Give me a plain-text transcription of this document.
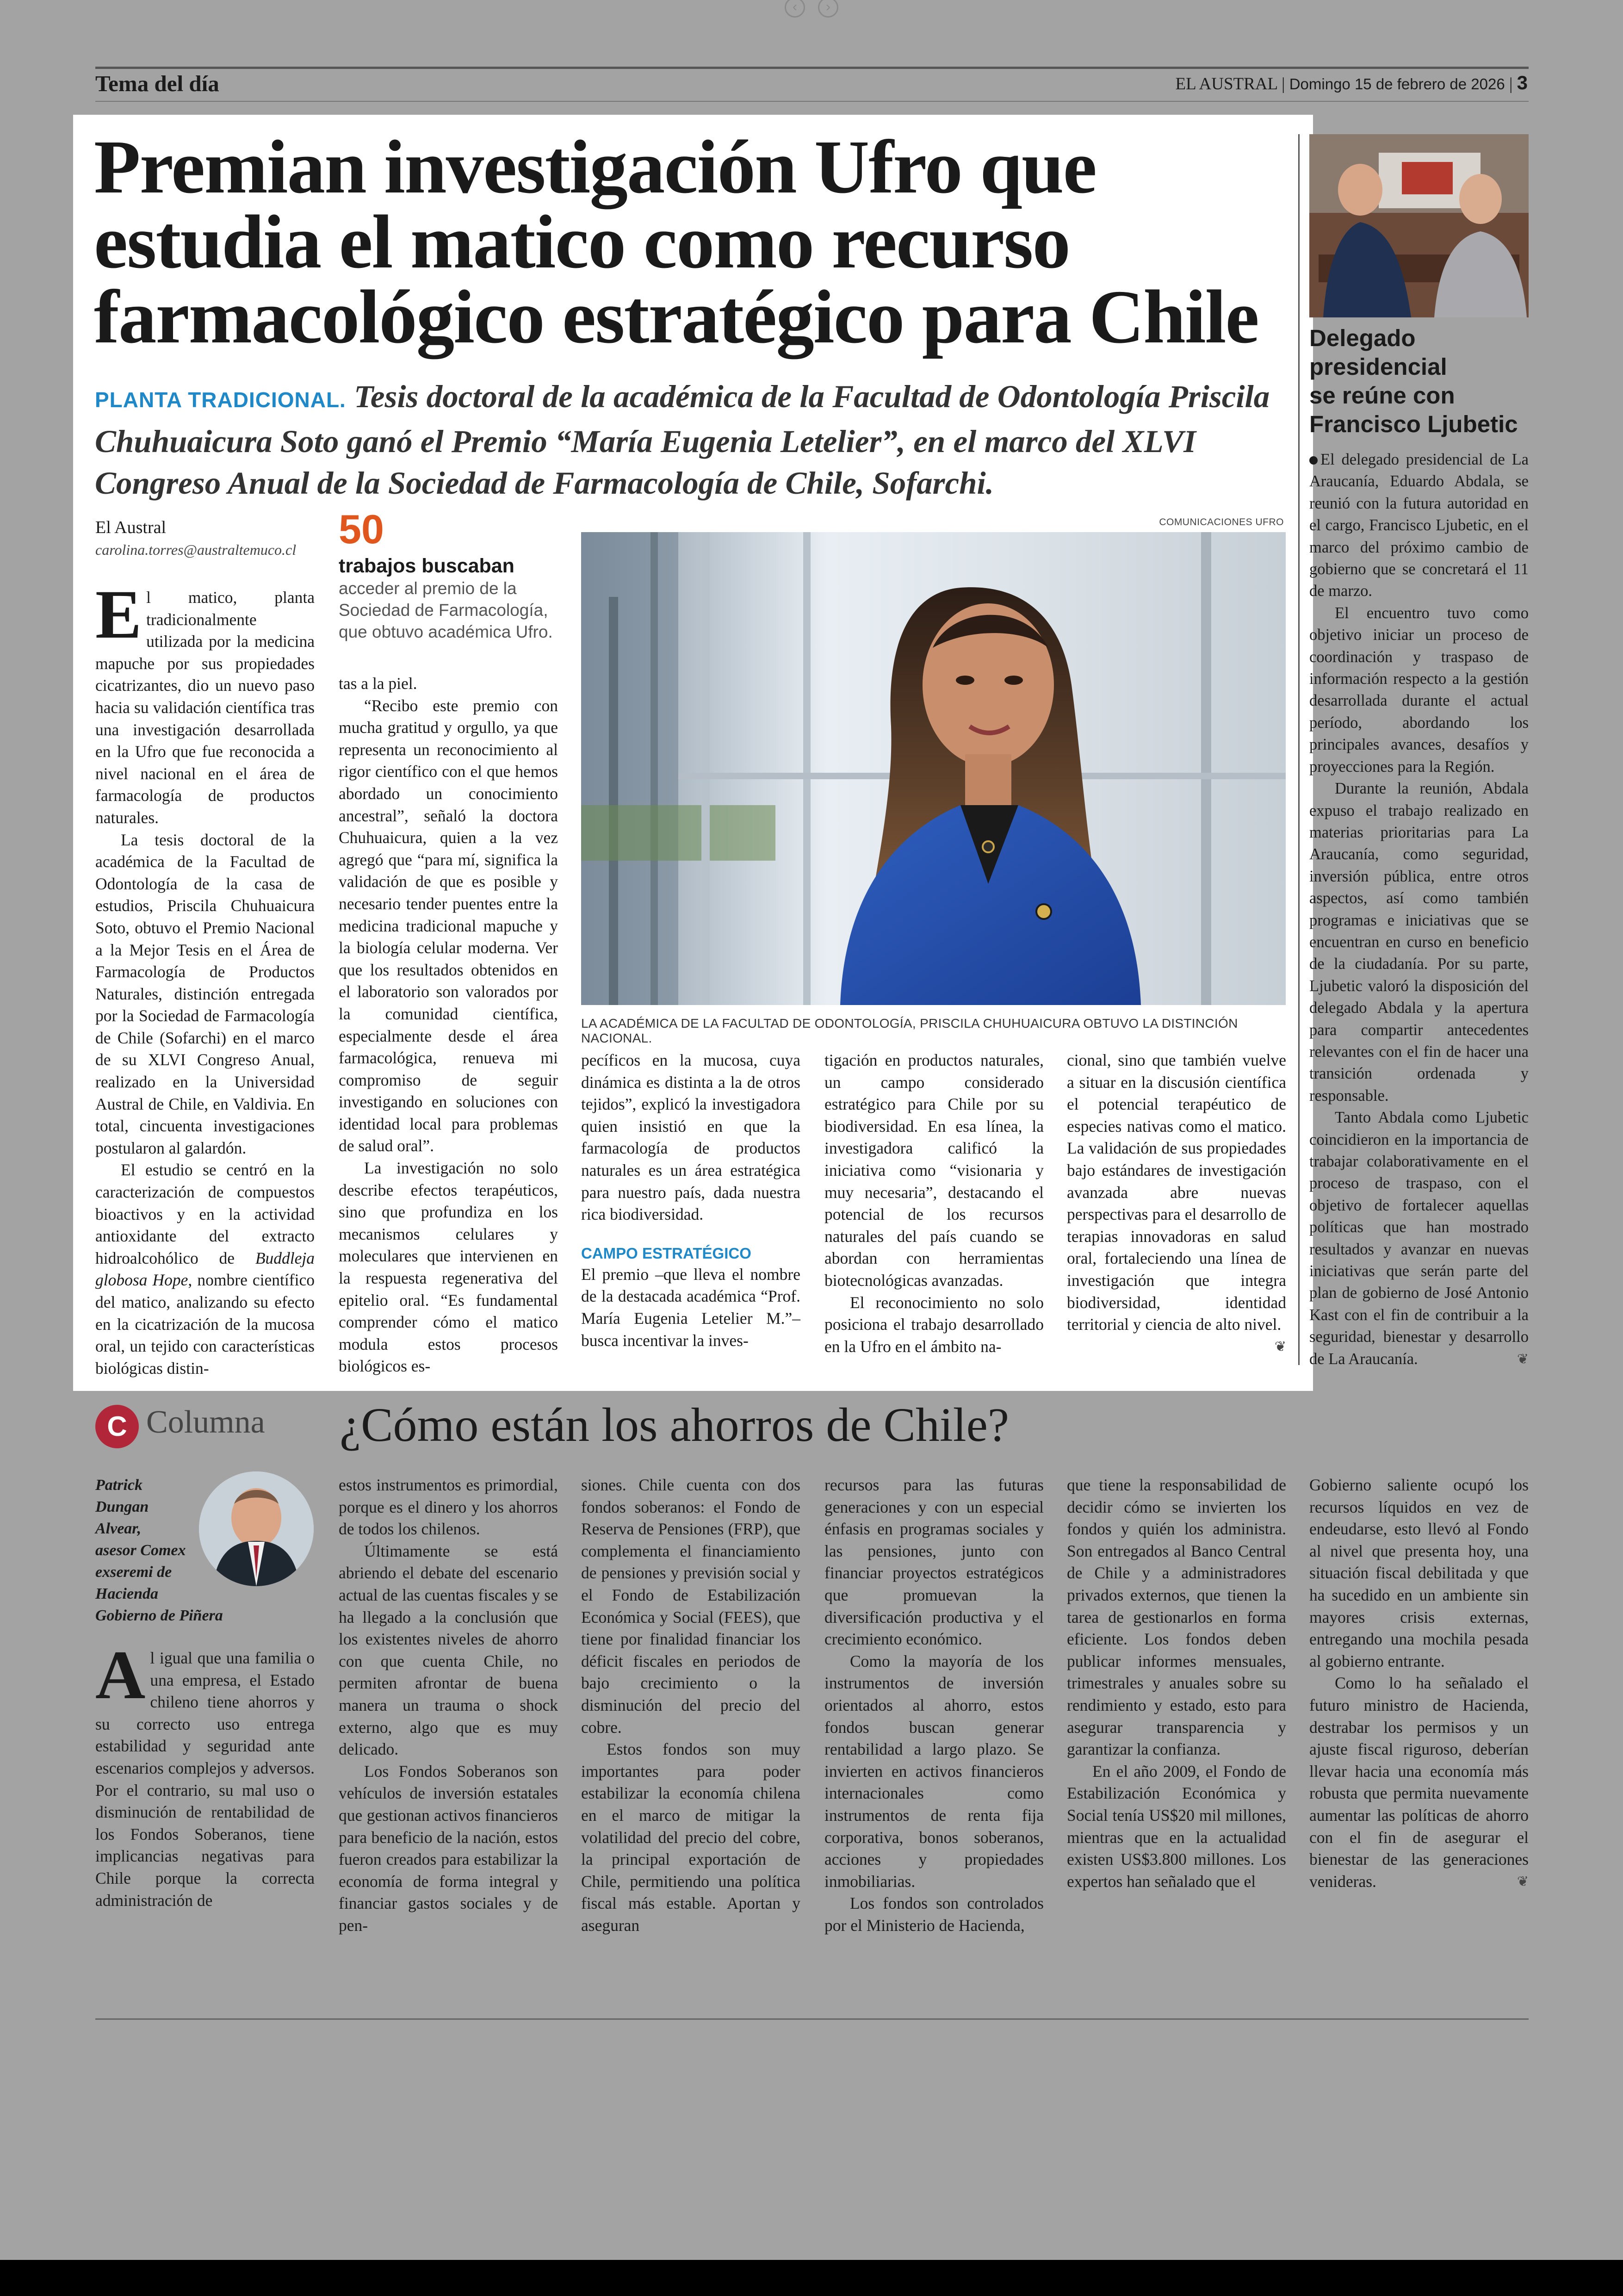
‹	›
Tema del día	EL AUSTRAL | Domingo 15 de febrero de 2026 | 3
Premian investigación Ufro que
estudia el matico como recurso
farmacológico estratégico para Chile
PLANTA TRADICIONAL. Tesis doctoral de la académica de la Facultad de Odontología Priscila Chuhuaicura Soto ganó el Premio “María Eugenia Letelier”, en el marco del XLVI Congreso Anual de la Sociedad de Farmacología de Chile, Sofarchi.
El Austral
carolina.torres@australtemuco.cl 50
trabajos buscaban acceder al premio de la Sociedad de Farmacología, que obtuvo académica Ufro.
COMUNICACIONES UFRO
LA ACADÉMICA DE LA FACULTAD DE ODONTOLOGÍA, PRISCILA CHUHUAICURA OBTUVO LA DISTINCIÓN NACIONAL.

El matico, planta tradicionalmente utilizada por la medicina mapuche por sus propiedades cicatrizantes, dio un nuevo paso hacia su validación científica tras una investigación desarrollada en la Ufro que fue reconocida a nivel nacional en el área de farmacología de productos naturales.

La tesis doctoral de la académica de la Facultad de Odontología de la casa de estudios, Priscila Chuhuaicura Soto, obtuvo el Premio Nacional a la Mejor Tesis en el Área de Farmacología de Productos Naturales, distinción entregada por la Sociedad de Farmacología de Chile (Sofarchi) en el marco de su XLVI Congreso Anual, realizado en la Universidad Austral de Chile, en Valdivia. En total, cincuenta investigaciones postularon al galardón.

El estudio se centró en la caracterización de compuestos bioactivos y en la actividad antioxidante del extracto hidroalcohólico de Buddleja globosa Hope, nombre científico del matico, analizando su efecto en la cicatrización de la mucosa oral, un tejido con características biológicas distin-

tas a la piel.

“Recibo este premio con mucha gratitud y orgullo, ya que representa un reconocimiento al rigor científico con el que hemos abordado un conocimiento ancestral”, señaló la doctora Chuhuaicura, quien a la vez agregó que “para mí, significa la validación de que es posible y necesario tender puentes entre la medicina tradicional mapuche y la biología celular moderna. Ver que los resultados obtenidos en el laboratorio son valorados por la comunidad científica, especialmente desde el área farmacológica, renueva mi compromiso de seguir investigando en soluciones con identidad local para problemas de salud oral”.

La investigación no solo describe efectos terapéuticos, sino que profundiza en los mecanismos celulares y moleculares que intervienen en la respuesta regenerativa del epitelio oral. “Es fundamental comprender cómo el matico modula estos procesos biológicos es-

pecíficos en la mucosa, cuya dinámica es distinta a la de otros tejidos”, explicó la investigadora quien insistió en que la farmacología de productos naturales es un área estratégica para nuestro país, dada nuestra rica biodiversidad.

CAMPO ESTRATÉGICO

El premio –que lleva el nombre de la destacada académica “Prof. María Eugenia Letelier M.”– busca incentivar la inves-

tigación en productos naturales, un campo considerado estratégico para Chile por su biodiversidad. En esa línea, la investigadora calificó la iniciativa como “visionaria y muy necesaria”, destacando el potencial de los recursos naturales del país cuando se abordan con herramientas biotecnológicas avanzadas.

El reconocimiento no solo posiciona el trabajo desarrollado en la Ufro en el ámbito na-

cional, sino que también vuelve a situar en la discusión científica el potencial terapéutico de especies nativas como el matico. La validación de sus propiedades bajo estándares de investigación avanzada abre nuevas perspectivas para el desarrollo de terapias innovadoras en salud oral, fortaleciendo una línea de investigación que integra biodiversidad, identidad territorial y ciencia de alto nivel.

❦
Delegado
presidencial
se reúne con
Francisco Ljubetic

El delegado presidencial de La Araucanía, Eduardo Abdala, se reunió con la futura autoridad en el cargo, Francisco Ljubetic, en el marco del próximo cambio de gobierno que se concretará el 11 de marzo.

El encuentro tuvo como objetivo iniciar un proceso de coordinación y traspaso de información respecto a la gestión desarrollada durante el actual período, abordando los principales avances, desafíos y proyecciones para la Región.

Durante la reunión, Abdala expuso el trabajo realizado en materias prioritarias para La Araucanía, como seguridad, inversión pública, entre otros aspectos, así como también programas e iniciativas que se encuentran en curso en beneficio de la ciudadanía. Por su parte, Ljubetic valoró la disposición del delegado Abdala y la apertura para compartir antecedentes relevantes con el fin de hacer una transición ordenada y responsable.

Tanto Abdala como Ljubetic coincidieron en la importancia de trabajar colaborativamente en el proceso de traspaso, con el objetivo de fortalecer aquellas políticas que han mostrado resultados y avanzar en nuevas iniciativas que serán parte del plan de gobierno de José Antonio Kast con el fin de contribuir a la seguridad, bienestar y desarrollo de La Araucanía.	❦

C Columna ¿Cómo están los ahorros de Chile?
Patrick
Dungan
Alvear,
asesor Comex
exseremi de
Hacienda
Gobierno de Piñera

Al igual que una familia o una empresa, el Estado chileno tiene ahorros y su correcto uso entrega estabilidad y seguridad ante escenarios complejos y adversos. Por el contrario, su mal uso o disminución de rentabilidad de los Fondos Soberanos, tiene implicancias negativas para Chile porque la correcta administración de

estos instrumentos es primordial, porque es el dinero y los ahorros de todos los chilenos.

Últimamente se está abriendo el debate del escenario actual de las cuentas fiscales y se ha llegado a la conclusión que los existentes niveles de ahorro con que cuenta Chile, no permiten afrontar de buena manera un trauma o shock externo, algo que es muy delicado.

Los Fondos Soberanos son vehículos de inversión estatales que gestionan activos financieros para beneficio de la nación, estos fueron creados para estabilizar la economía de forma integral y financiar gastos sociales y de pen-

siones. Chile cuenta con dos fondos soberanos: el Fondo de Reserva de Pensiones (FRP), que complementa el financiamiento de pensiones y previsión social y el Fondo de Estabilización Económica y Social (FEES), que tiene por finalidad financiar los déficit fiscales en periodos de bajo crecimiento o la disminución del precio del cobre.

Estos fondos son muy importantes para poder estabilizar la economía chilena en el marco de mitigar la volatilidad del precio del cobre, la principal exportación de Chile, permitiendo una política fiscal más estable. Aportan y aseguran

recursos para las futuras generaciones y con un especial énfasis en programas sociales y las pensiones, junto con financiar proyectos estratégicos que promuevan la diversificación productiva y el crecimiento económico.

Como la mayoría de los instrumentos de inversión orientados al ahorro, estos fondos buscan generar rentabilidad a largo plazo. Se invierten en activos financieros internacionales como instrumentos de renta fija corporativa, bonos soberanos, acciones y propiedades inmobiliarias.

Los fondos son controlados por el Ministerio de Hacienda,

que tiene la responsabilidad de decidir cómo se invierten los fondos y quién los administra. Son entregados al Banco Central de Chile y a administradores privados externos, que tienen la tarea de gestionarlos en forma eficiente. Los fondos deben publicar informes mensuales, trimestrales y anuales sobre su rendimiento y estado, esto para asegurar transparencia y garantizar la confianza.

En el año 2009, el Fondo de Estabilización Económica y Social tenía US$20 mil millones, mientras que en la actualidad existen US$3.800 millones. Los expertos han señalado que el

Gobierno saliente ocupó los recursos líquidos en vez de endeudarse, esto llevó al Fondo al nivel que presenta hoy, una situación fiscal debilitada y que ha sucedido en un ambiente sin mayores crisis externas, entregando una mochila pesada al gobierno entrante.

Como lo ha señalado el futuro ministro de Hacienda, destrabar los permisos y un ajuste fiscal riguroso, deberían llevar hacia una economía más robusta que permita nuevamente aumentar las políticas de ahorro con el fin de asegurar el bienestar de las generaciones venideras.	❦
